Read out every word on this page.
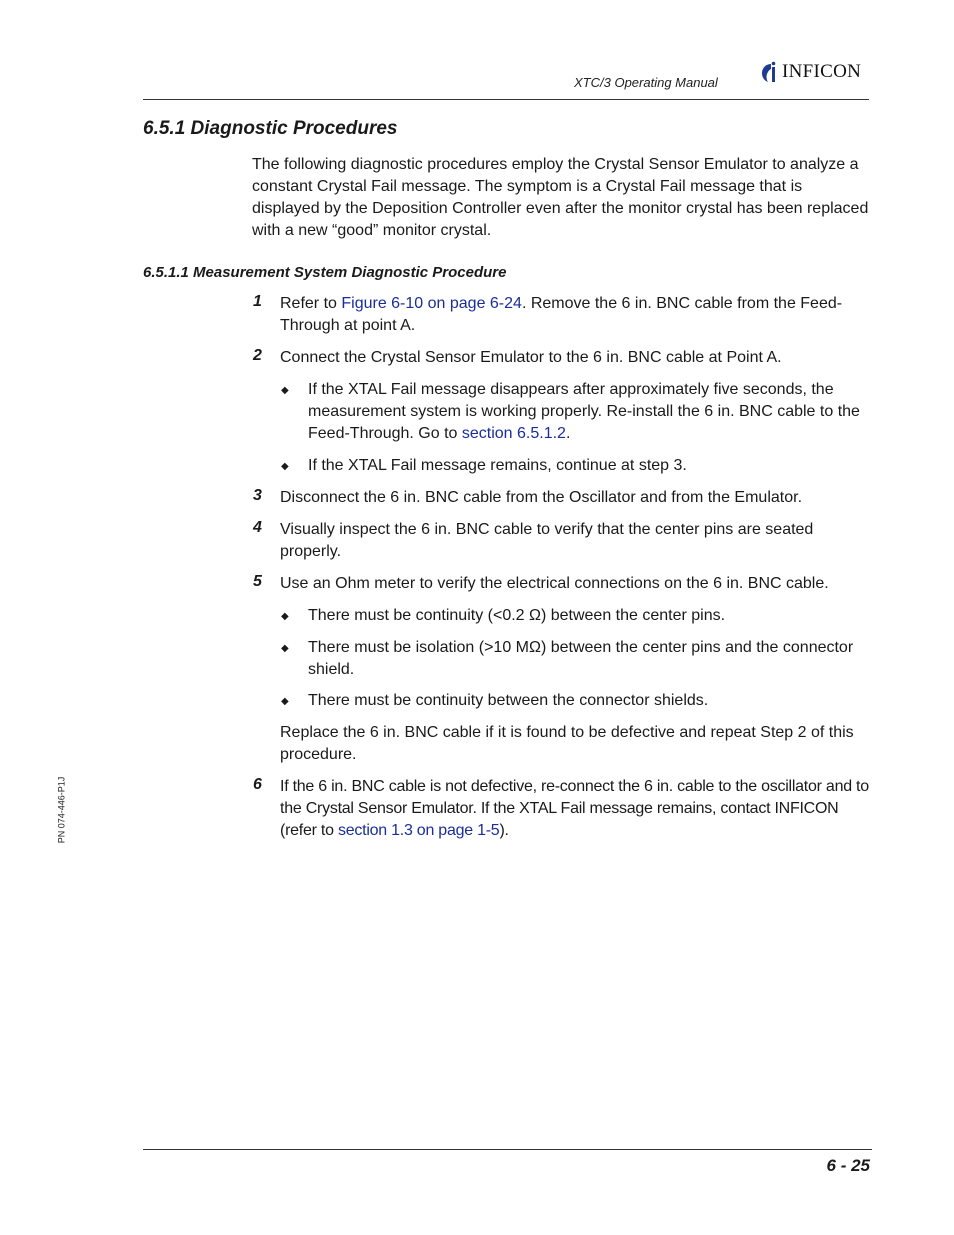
XTC/3 Operating Manual
INFICON
6.5.1 Diagnostic Procedures
The following diagnostic procedures employ the Crystal Sensor Emulator to analyze a constant Crystal Fail message. The symptom is a Crystal Fail message that is displayed by the Deposition Controller even after the monitor crystal has been replaced with a new “good” monitor crystal.
6.5.1.1 Measurement System Diagnostic Procedure
1 Refer to Figure 6-10 on page 6-24. Remove the 6 in. BNC cable from the Feed-Through at point A.
2 Connect the Crystal Sensor Emulator to the 6 in. BNC cable at Point A.
◆ If the XTAL Fail message disappears after approximately five seconds, the measurement system is working properly. Re-install the 6 in. BNC cable to the Feed-Through. Go to section 6.5.1.2.
◆ If the XTAL Fail message remains, continue at step 3.
3 Disconnect the 6 in. BNC cable from the Oscillator and from the Emulator.
4 Visually inspect the 6 in. BNC cable to verify that the center pins are seated properly.
5 Use an Ohm meter to verify the electrical connections on the 6 in. BNC cable.
◆ There must be continuity (<0.2 Ω) between the center pins.
◆ There must be isolation (>10 MΩ) between the center pins and the connector shield.
◆ There must be continuity between the connector shields.
Replace the 6 in. BNC cable if it is found to be defective and repeat Step 2 of this procedure.
6 If the 6 in. BNC cable is not defective, re-connect the 6 in. cable to the oscillator and to the Crystal Sensor Emulator. If the XTAL Fail message remains, contact INFICON (refer to section 1.3 on page 1-5).
PN 074-446-P1J
6 - 25
